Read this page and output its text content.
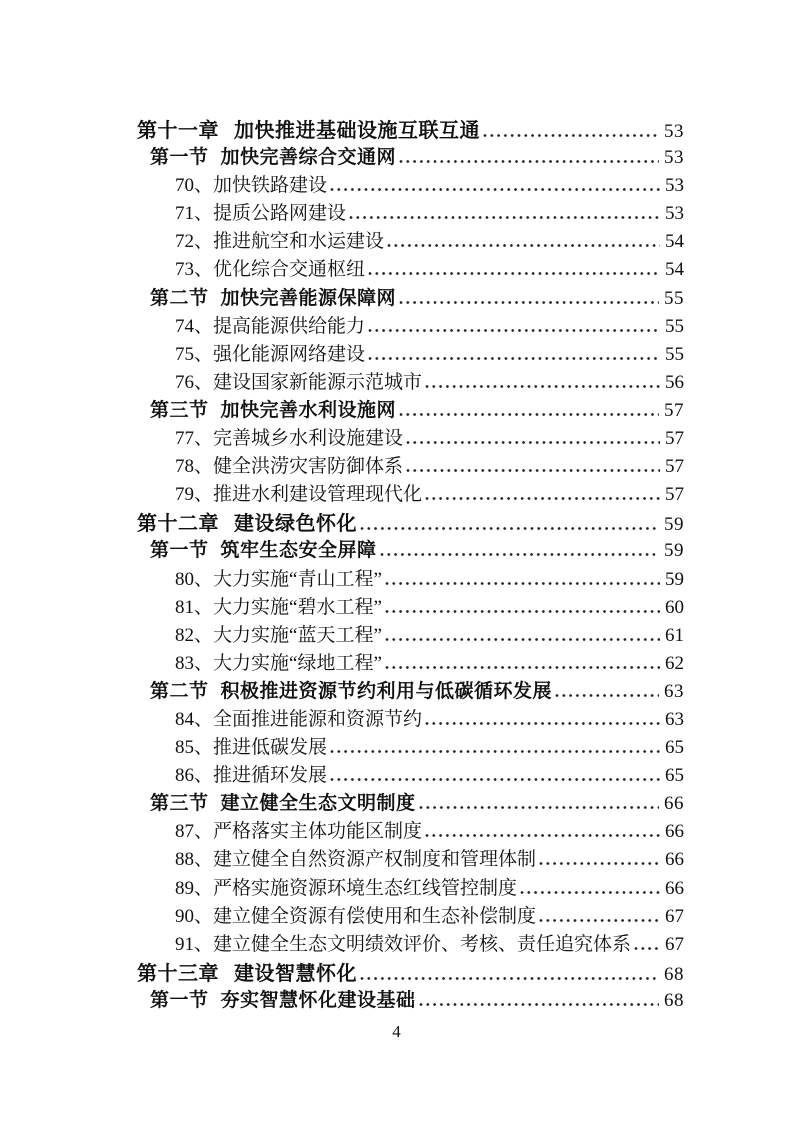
第十一章 加快推进基础设施互联互通	53
第一节 加快完善综合交通网	53
70、 加快铁路建设	53
71、 提质公路网建设	53
72、 推进航空和水运建设	54
73、 优化综合交通枢纽	54
第二节 加快完善能源保障网	55
74、 提高能源供给能力	55
75、 强化能源网络建设	55
76、 建设国家新能源示范城市	56
第三节 加快完善水利设施网	57
77、 完善城乡水利设施建设	57
78、 健全洪涝灾害防御体系	57
79、 推进水利建设管理现代化	57
第十二章 建设绿色怀化	59
第一节 筑牢生态安全屏障	59
80、 大力实施“青山工程”	59
81、 大力实施“碧水工程”	60
82、 大力实施“蓝天工程”	61
83、 大力实施“绿地工程”	62
第二节 积极推进资源节约利用与低碳循环发展	63
84、 全面推进能源和资源节约	63
85、 推进低碳发展	65
86、 推进循环发展	65
第三节 建立健全生态文明制度	66
87、 严格落实主体功能区制度	66
88、 建立健全自然资源产权制度和管理体制	66
89、 严格实施资源环境生态红线管控制度	66
90、 建立健全资源有偿使用和生态补偿制度	67
91、 建立健全生态文明绩效评价、考核、责任追究体系 67
第十三章 建设智慧怀化	68
第一节 夯实智慧怀化建设基础	68
4
